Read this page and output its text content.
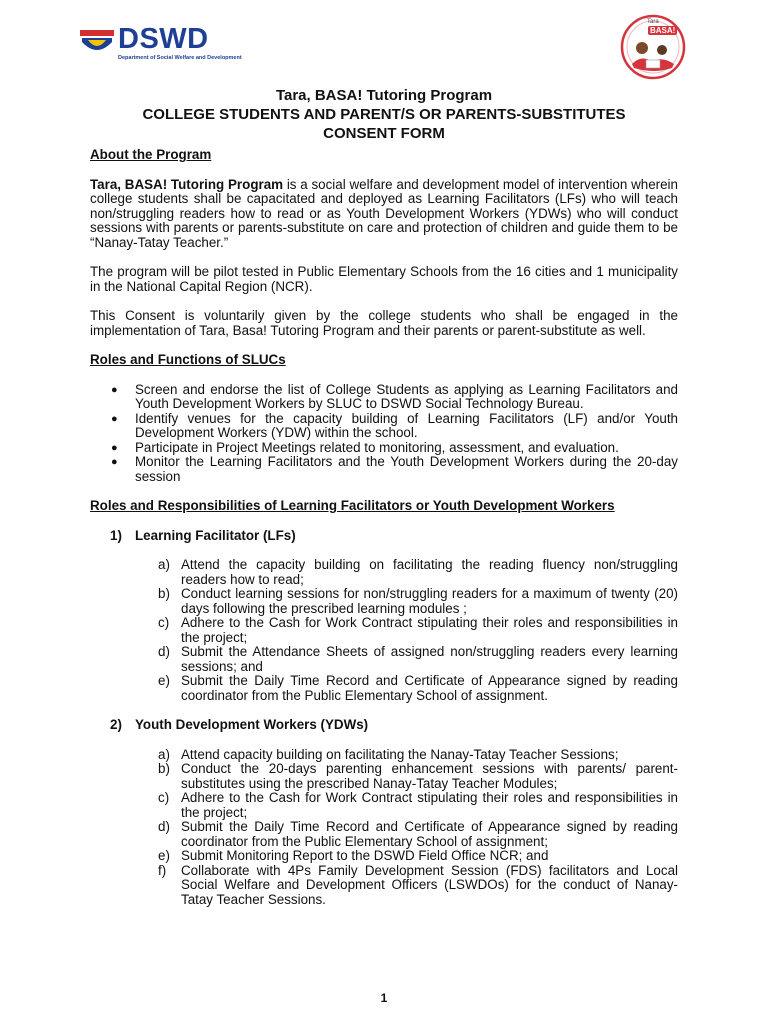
DSWD
Department of Social Welfare and Development
Tara
BASA!
Tara, BASA! Tutoring Program
COLLEGE STUDENTS AND PARENT/S OR PARENTS-SUBSTITUTES
CONSENT FORM

About the Program

Tara, BASA! Tutoring Program is a social welfare and development model of intervention wherein college students shall be capacitated and deployed as Learning Facilitators (LFs) who will teach non/struggling readers how to read or as Youth Development Workers (YDWs) who will conduct sessions with parents or parents-substitute on care and protection of children and guide them to be “Nanay-Tatay Teacher.”

The program will be pilot tested in Public Elementary Schools from the 16 cities and 1 municipality in the National Capital Region (NCR).

This Consent is voluntarily given by the college students who shall be engaged in the implementation of Tara, Basa! Tutoring Program and their parents or parent-substitute as well.

Roles and Functions of SLUCs

● Screen and endorse the list of College Students as applying as Learning Facilitators and Youth Development Workers by SLUC to DSWD Social Technology Bureau.
● Identify venues for the capacity building of Learning Facilitators (LF) and/or Youth Development Workers (YDW) within the school.
● Participate in Project Meetings related to monitoring, assessment, and evaluation.
● Monitor the Learning Facilitators and the Youth Development Workers during the 20-day session

Roles and Responsibilities of Learning Facilitators or Youth Development Workers

1) Learning Facilitator (LFs)
a) Attend the capacity building on facilitating the reading fluency non/struggling readers how to read;
b) Conduct learning sessions for non/struggling readers for a maximum of twenty (20) days following the prescribed learning modules ;
c) Adhere to the Cash for Work Contract stipulating their roles and responsibilities in the project;
d) Submit the Attendance Sheets of assigned non/struggling readers every learning sessions; and
e) Submit the Daily Time Record and Certificate of Appearance signed by reading coordinator from the Public Elementary School of assignment.
2) Youth Development Workers (YDWs)
a) Attend capacity building on facilitating the Nanay-Tatay Teacher Sessions;
b) Conduct the 20-days parenting enhancement sessions with parents/ parent-substitutes using the prescribed Nanay-Tatay Teacher Modules;
c) Adhere to the Cash for Work Contract stipulating their roles and responsibilities in the project;
d) Submit the Daily Time Record and Certificate of Appearance signed by reading coordinator from the Public Elementary School of assignment;
e) Submit Monitoring Report to the DSWD Field Office NCR; and
f) Collaborate with 4Ps Family Development Session (FDS) facilitators and Local Social Welfare and Development Officers (LSWDOs) for the conduct of Nanay-Tatay Teacher Sessions.
1
